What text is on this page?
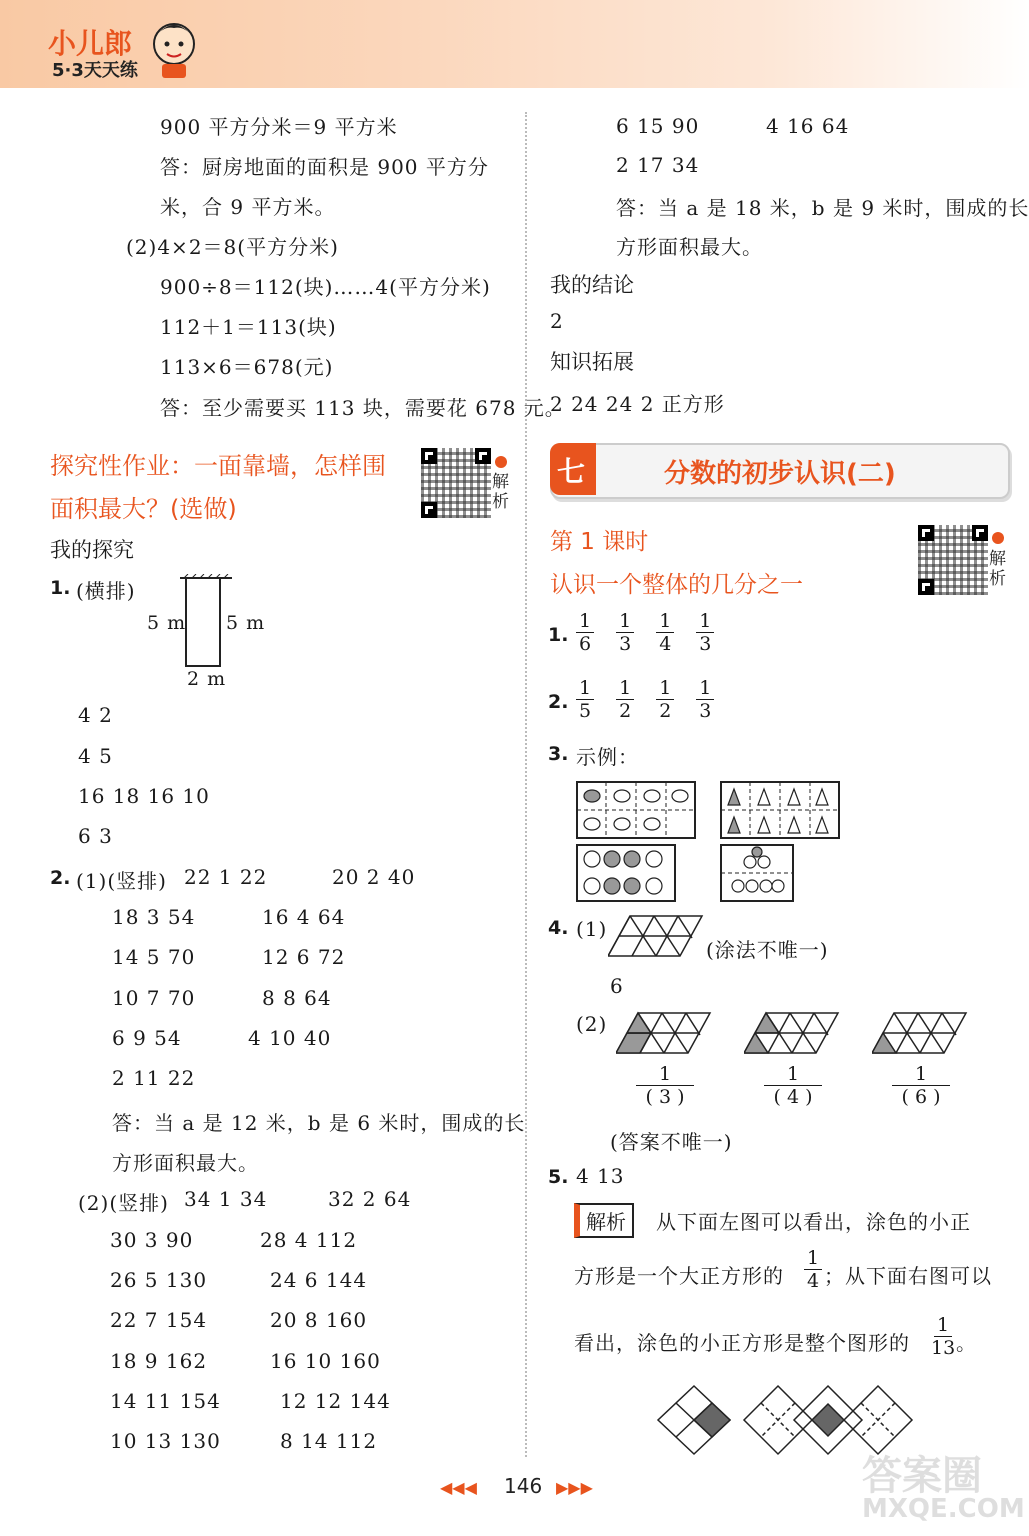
小儿郎
5·3天天练
900 平方分米＝9 平方米
答：厨房地面的面积是 900 平方分
米，合 9 平方米。
(2)4×2＝8(平方分米)
900÷8＝112(块)……4(平方分米)
112＋1＝113(块)
113×6＝678(元)
答：至少需要买 113 块，需要花 678 元。
探究性作业：一面靠墙，怎样围
面积最大？(选做)
解析
我的探究
1. (横排)
5 m 5 m
2 m
4 2
4 5
16 18 16 10
6 3
2. (1)(竖排) 22 1 22	20 2 40
18 3 54	16 4 64
14 5 70	12 6 72
10 7 70	8 8 64
6 9 54	4 10 40
2 11 22
答：当 a 是 12 米，b 是 6 米时，围成的长
方形面积最大。
(2)(竖排) 34 1 34	32 2 64
30 3 90	28 4 112
26 5 130	24 6 144
22 7 154	20 8 160
18 9 162	16 10 160
14 11 154	12 12 144
10 13 130	8 14 112
6 15 90	4 16 64
2 17 34
答：当 a 是 18 米，b 是 9 米时，围成的长
方形面积最大。
我的结论
2
知识拓展
2 24 24 2 正方形
七	分数的初步认识(二)
第 1 课时
认识一个整体的几分之一
解析
1. $\frac{1}{6} \frac{1}{3} \frac{1}{4} \frac{1}{3}$
2. $\frac{1}{5} \frac{1}{2} \frac{1}{2} \frac{1}{3}$
3. 示例：
4. (1)
(涂法不唯一)
6
(2)
$\frac{1}{( 3 )}$	$\frac{1}{( 4 )}$	$\frac{1}{( 6 )}$
(答案不唯一)
5. 4 13
解析	从下面左图可以看出，涂色的小正
方形是一个大正方形的 $\frac{1}{4}$ ；从下面右图可以
看出，涂色的小正方形是整个图形的 $\frac{1}{13}$
。
◀◀◀ 146 ▶▶▶	答案圈
MXQE.COM
